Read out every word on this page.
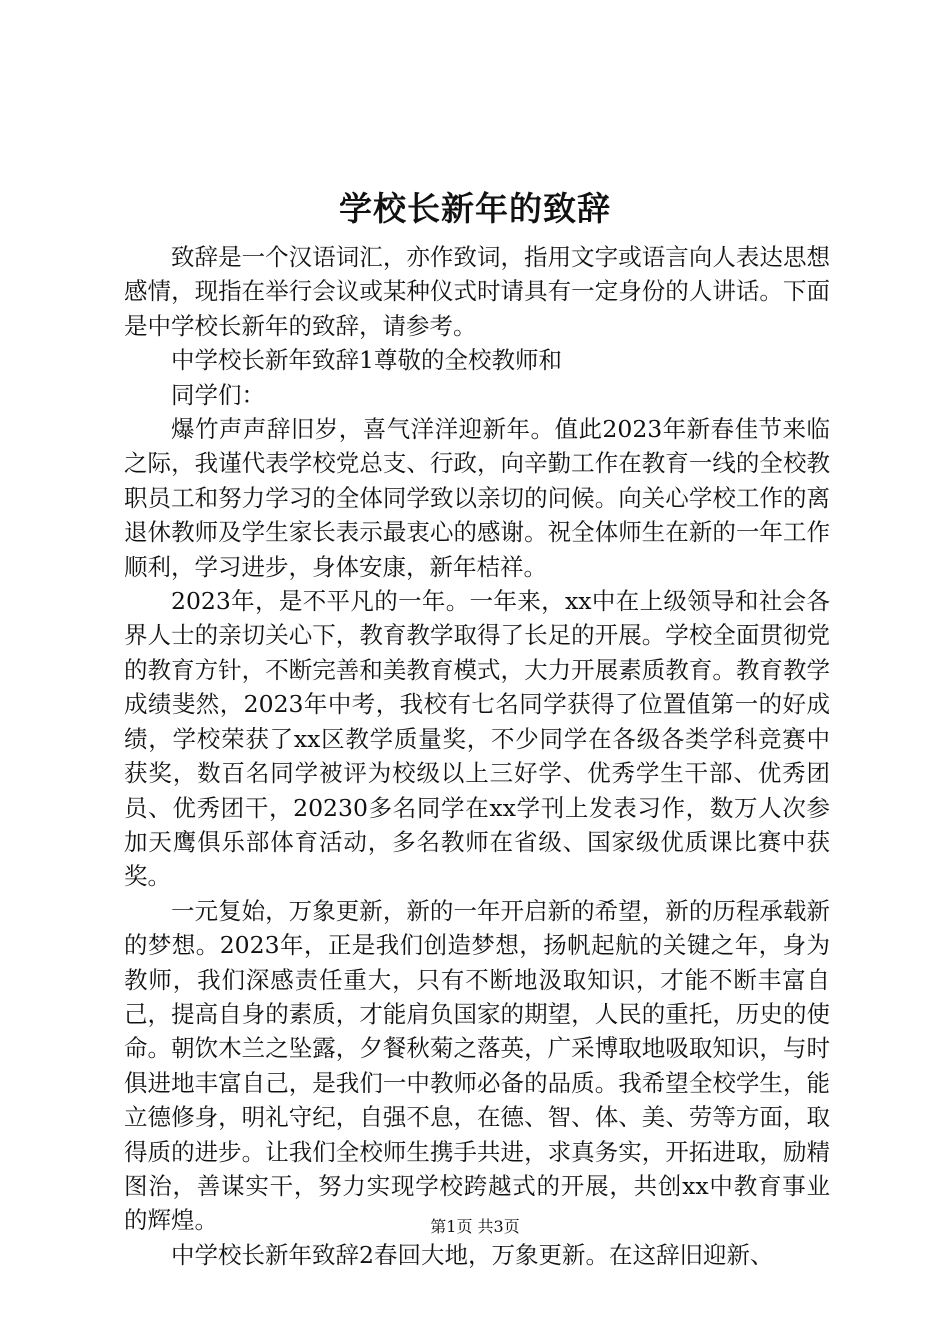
学校长新年的致辞

致辞是一个汉语词汇，亦作致词，指用文字或语言向人表达思想感情，现指在举行会议或某种仪式时请具有一定身份的人讲话。下面是中学校长新年的致辞，请参考。

中学校长新年致辞1尊敬的全校教师和

同学们：

爆竹声声辞旧岁，喜气洋洋迎新年。值此2023年新春佳节来临之际，我谨代表学校党总支、行政，向辛勤工作在教育一线的全校教职员工和努力学习的全体同学致以亲切的问候。向关心学校工作的离退休教师及学生家长表示最衷心的感谢。祝全体师生在新的一年工作顺利，学习进步，身体安康，新年桔祥。

2023年，是不平凡的一年。一年来，xx中在上级领导和社会各界人士的亲切关心下，教育教学取得了长足的开展。学校全面贯彻党的教育方针，不断完善和美教育模式，大力开展素质教育。教育教学成绩斐然，2023年中考，我校有七名同学获得了位置值第一的好成绩，学校荣获了xx区教学质量奖，不少同学在各级各类学科竞赛中获奖，数百名同学被评为校级以上三好学、优秀学生干部、优秀团员、优秀团干，20230多名同学在xx学刊上发表习作，数万人次参加天鹰俱乐部体育活动，多名教师在省级、国家级优质课比赛中获奖。

一元复始，万象更新，新的一年开启新的希望，新的历程承载新的梦想。2023年，正是我们创造梦想，扬帆起航的关键之年，身为教师，我们深感责任重大，只有不断地汲取知识，才能不断丰富自己，提高自身的素质，才能肩负国家的期望，人民的重托，历史的使命。朝饮木兰之坠露，夕餐秋菊之落英，广采博取地吸取知识，与时俱进地丰富自己，是我们一中教师必备的品质。我希望全校学生，能立德修身，明礼守纪，自强不息，在德、智、体、美、劳等方面，取得质的进步。让我们全校师生携手共进，求真务实，开拓进取，励精图治，善谋实干，努力实现学校跨越式的开展，共创xx中教育事业的辉煌。

中学校长新年致辞2春回大地，万象更新。在这辞旧迎新、

第1页 共3页
